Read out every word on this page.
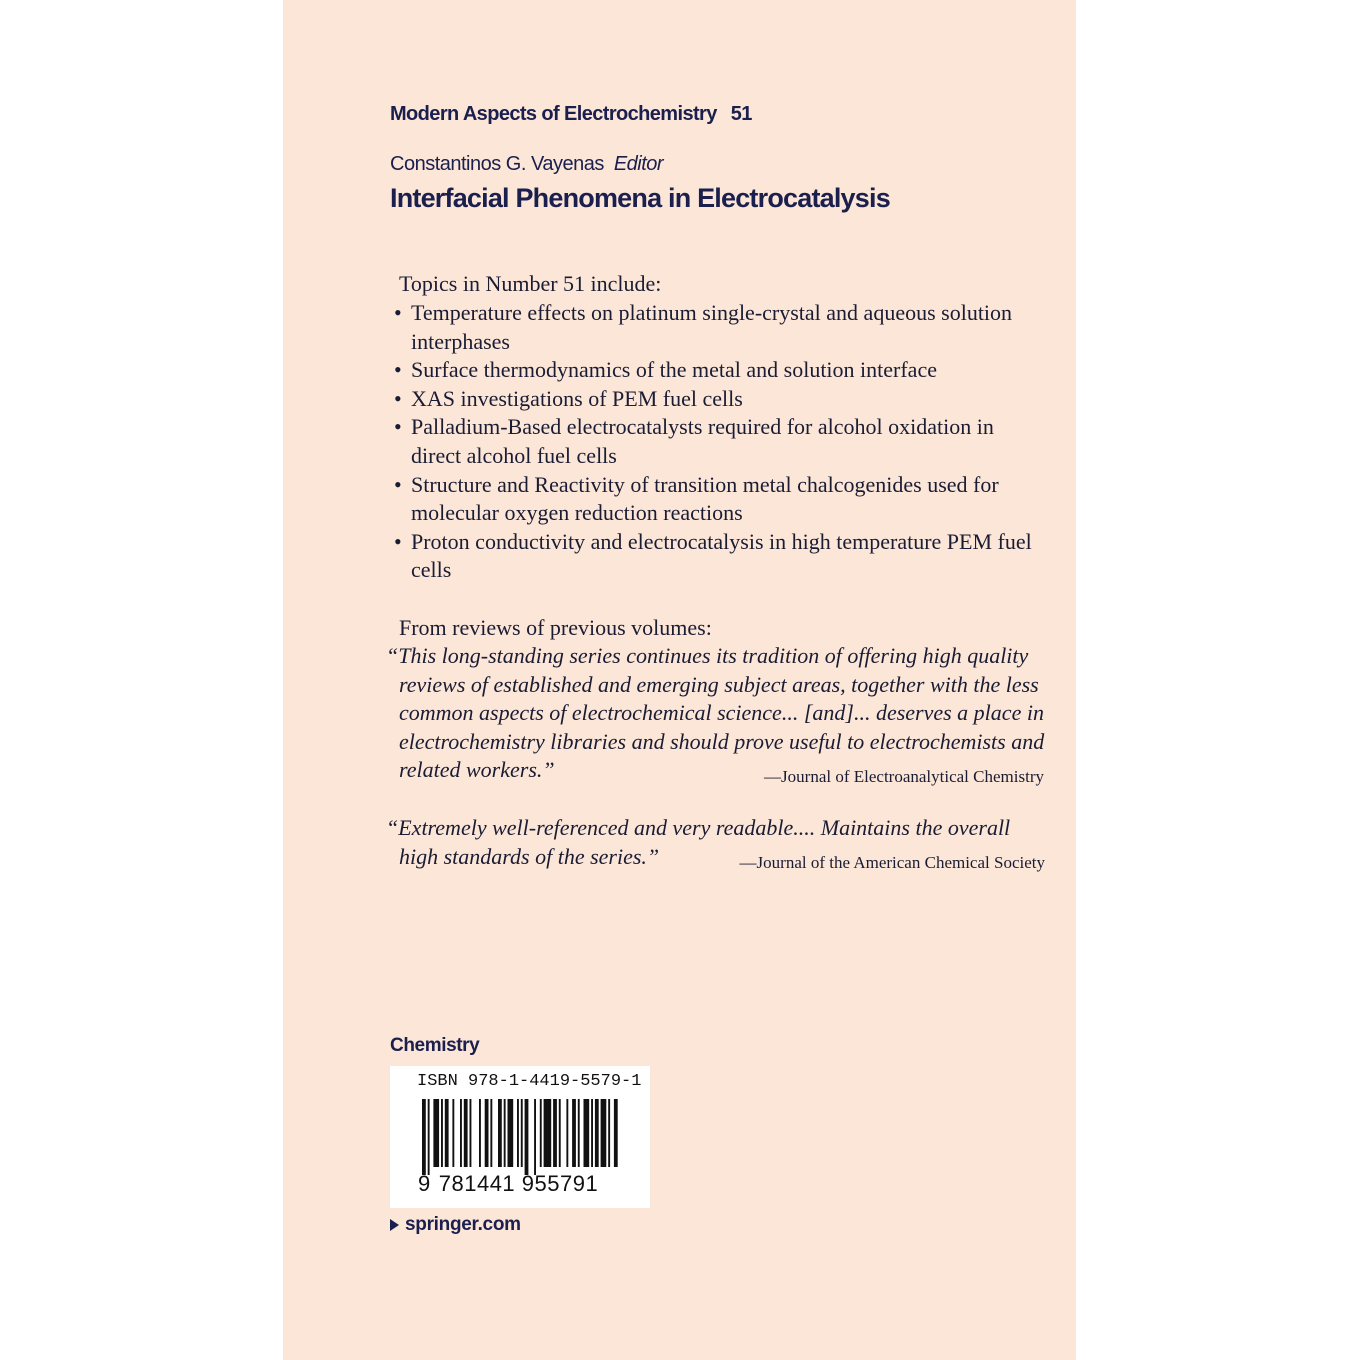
Modern Aspects of Electrochemistry 51
Constantinos G. Vayenas Editor
Interfacial Phenomena in Electrocatalysis
Topics in Number 51 include:
• Temperature effects on platinum single-crystal and aqueous solution interphases
• Surface thermodynamics of the metal and solution interface
• XAS investigations of PEM fuel cells
• Palladium-Based electrocatalysts required for alcohol oxidation in direct alcohol fuel cells
• Structure and Reactivity of transition metal chalcogenides used for molecular oxygen reduction reactions
• Proton conductivity and electrocatalysis in high temperature PEM fuel cells
From reviews of previous volumes:
“This long-standing series continues its tradition of offering high quality
reviews of established and emerging subject areas, together with the less
common aspects of electrochemical science... [and]... deserves a place in
electrochemistry libraries and should prove useful to electrochemists and
related workers.”	—Journal of Electroanalytical Chemistry
“Extremely well-referenced and very readable.... Maintains the overall
high standards of the series.”	—Journal of the American Chemical Society
Chemistry
ISBN 978-1-4419-5579-1
9 781441 955791
springer.com
